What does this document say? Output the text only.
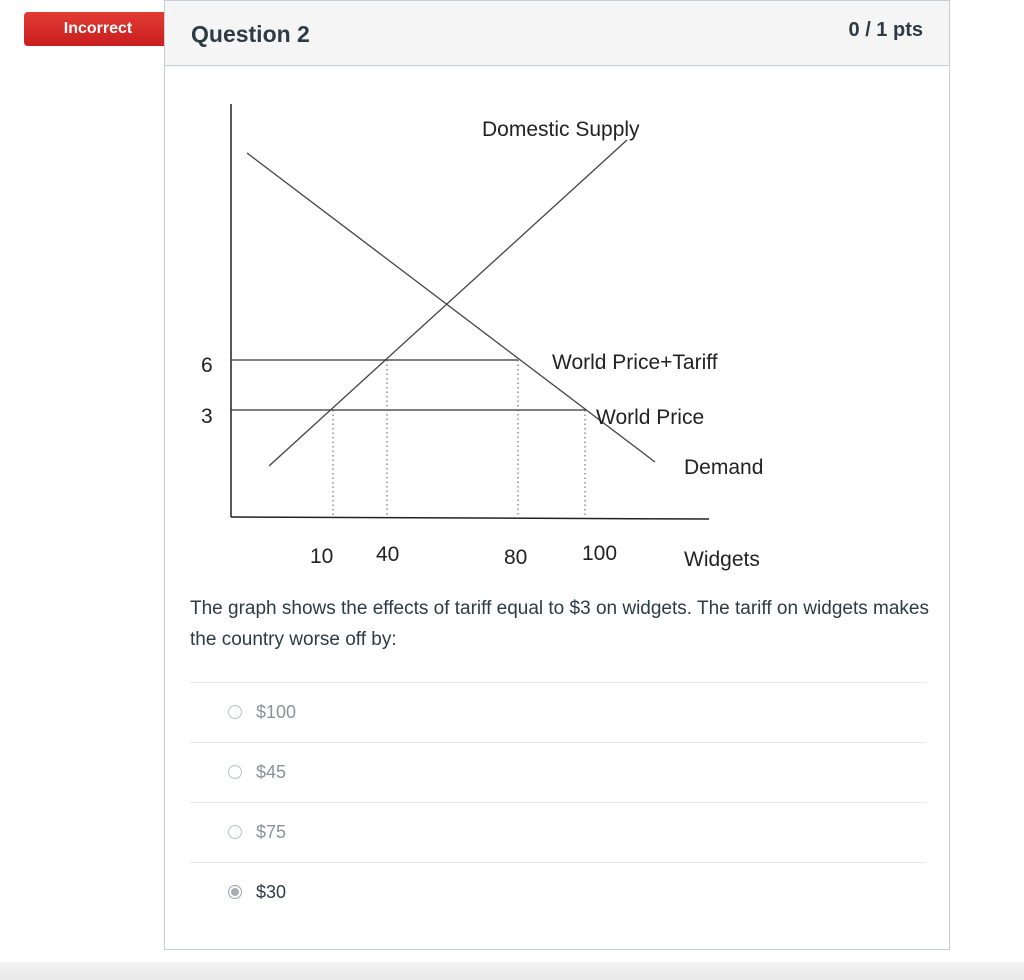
Incorrect	Question 2	0 / 1 pts
6
3
10 40	80	100	Widgets
Domestic Supply
World Price+Tariff
World Price
Demand
The graph shows the effects of tariff equal to $3 on widgets. The tariff on widgets makes the country worse off by:
$100
$45
$75
$30
